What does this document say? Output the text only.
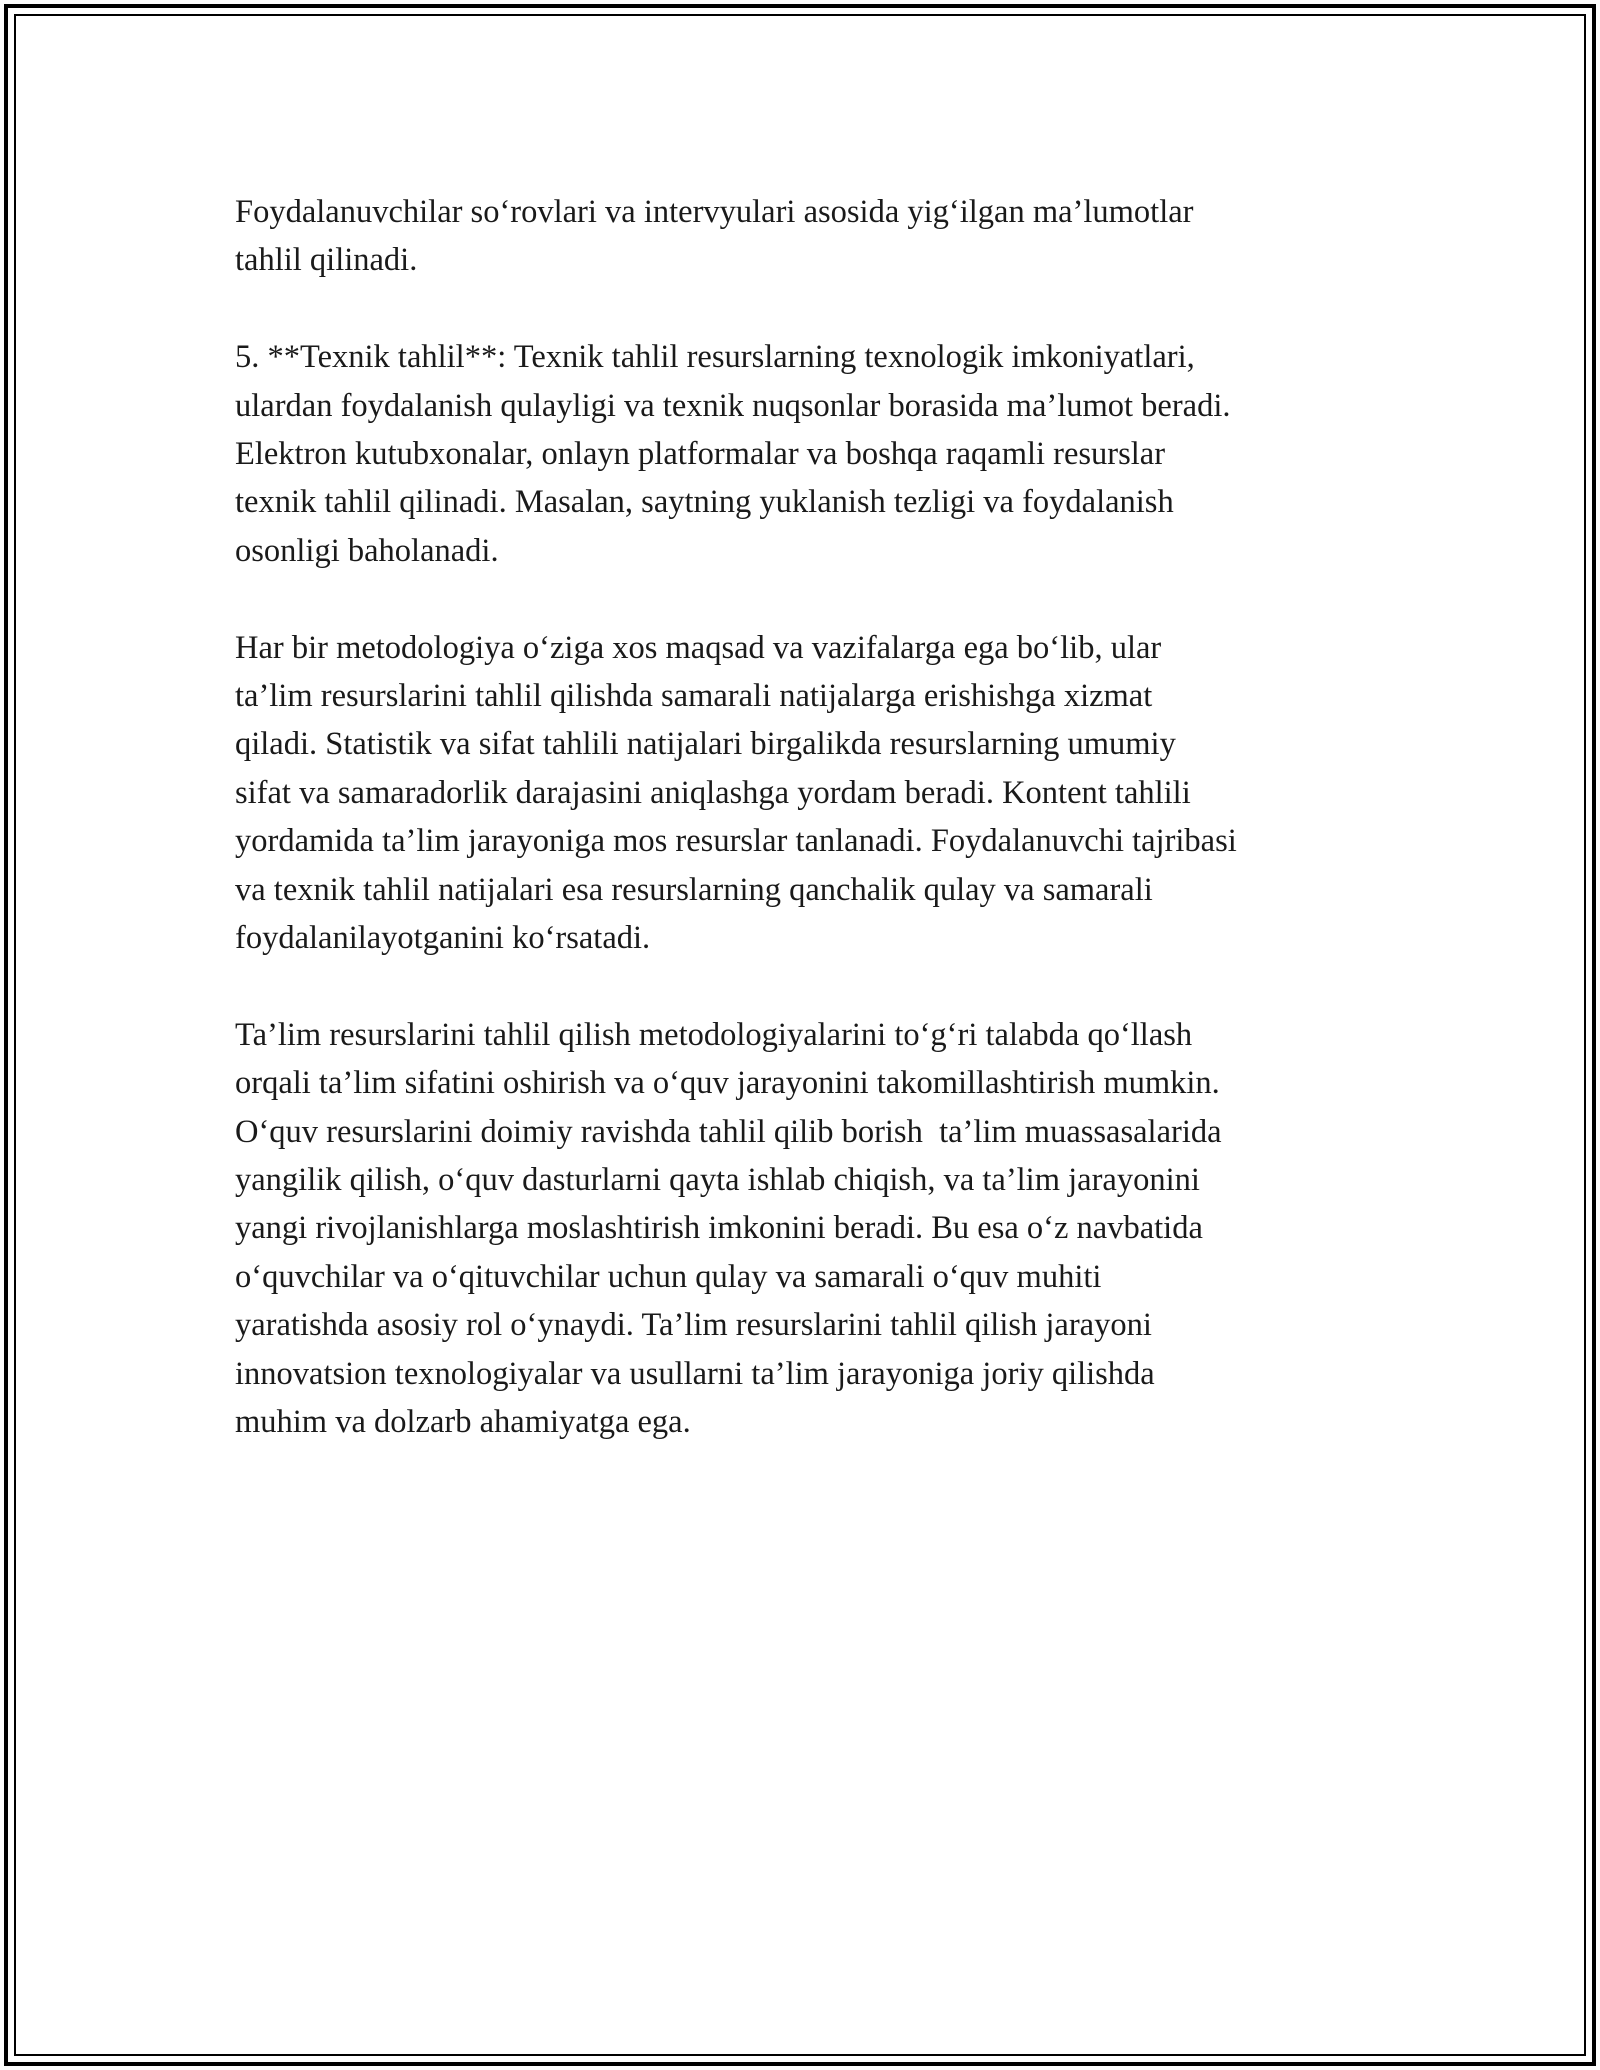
Foydalanuvchilar so‘rovlari va intervyulari asosida yig‘ilgan ma’lumotlar
tahlil qilinadi.
5. **Texnik tahlil**: Texnik tahlil resurslarning texnologik imkoniyatlari,
ulardan foydalanish qulayligi va texnik nuqsonlar borasida ma’lumot beradi.
Elektron kutubxonalar, onlayn platformalar va boshqa raqamli resurslar
texnik tahlil qilinadi. Masalan, saytning yuklanish tezligi va foydalanish
osonligi baholanadi.
Har bir metodologiya o‘ziga xos maqsad va vazifalarga ega bo‘lib, ular
ta’lim resurslarini tahlil qilishda samarali natijalarga erishishga xizmat
qiladi. Statistik va sifat tahlili natijalari birgalikda resurslarning umumiy
sifat va samaradorlik darajasini aniqlashga yordam beradi. Kontent tahlili
yordamida ta’lim jarayoniga mos resurslar tanlanadi. Foydalanuvchi tajribasi
va texnik tahlil natijalari esa resurslarning qanchalik qulay va samarali
foydalanilayotganini ko‘rsatadi.
Ta’lim resurslarini tahlil qilish metodologiyalarini to‘g‘ri talabda qo‘llash
orqali ta’lim sifatini oshirish va o‘quv jarayonini takomillashtirish mumkin.
O‘quv resurslarini doimiy ravishda tahlil qilib borish  ta’lim muassasalarida
yangilik qilish, o‘quv dasturlarni qayta ishlab chiqish, va ta’lim jarayonini
yangi rivojlanishlarga moslashtirish imkonini beradi. Bu esa o‘z navbatida
o‘quvchilar va o‘qituvchilar uchun qulay va samarali o‘quv muhiti
yaratishda asosiy rol o‘ynaydi. Ta’lim resurslarini tahlil qilish jarayoni
innovatsion texnologiyalar va usullarni ta’lim jarayoniga joriy qilishda
muhim va dolzarb ahamiyatga ega.
